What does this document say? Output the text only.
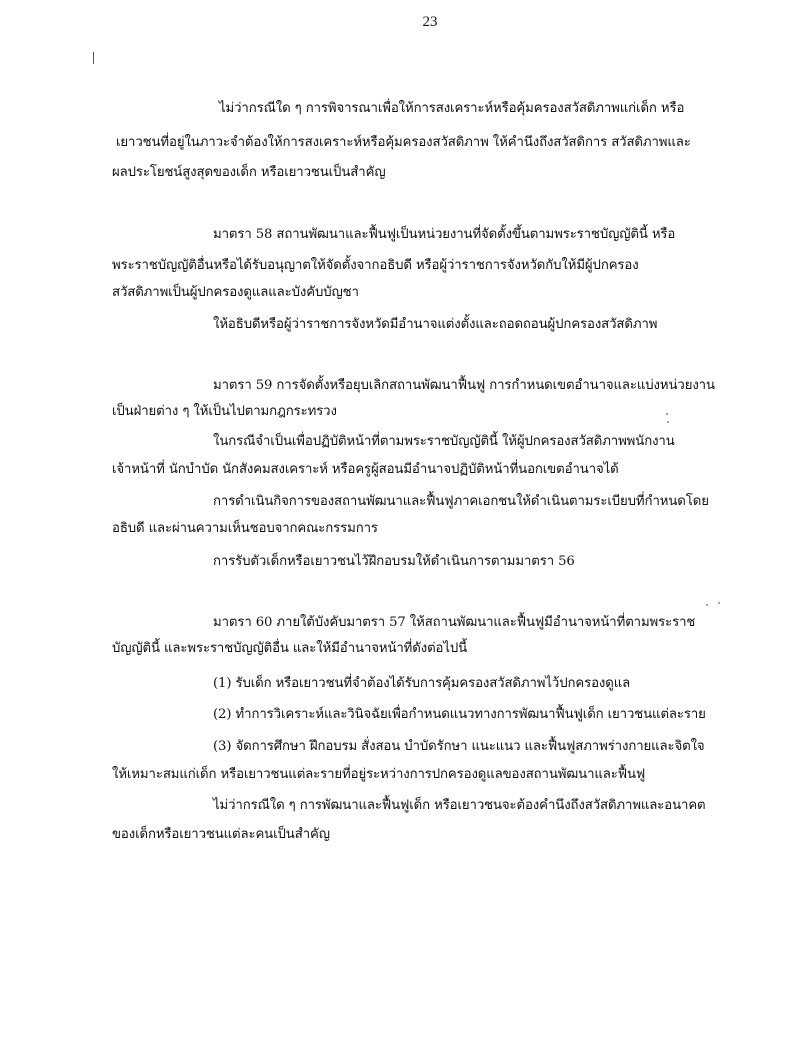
23
ไม่ว่ากรณีใด ๆ การพิจารณาเพื่อให้การสงเคราะห์หรือคุ้มครองสวัสดิภาพแก่เด็ก หรือ
เยาวชนที่อยู่ในภาวะจำต้องให้การสงเคราะห์หรือคุ้มครองสวัสดิภาพ ให้คำนึงถึงสวัสดิการ สวัสดิภาพและ
ผลประโยชน์สูงสุดของเด็ก หรือเยาวชนเป็นสำคัญ
มาตรา 58 สถานพัฒนาและฟื้นฟูเป็นหน่วยงานที่จัดตั้งขึ้นตามพระราชบัญญัตินี้ หรือ
พระราชบัญญัติอื่นหรือได้รับอนุญาตให้จัดตั้งจากอธิบดี หรือผู้ว่าราชการจังหวัดกับให้มีผู้ปกครอง
สวัสดิภาพเป็นผู้ปกครองดูแลและบังคับบัญชา
ให้อธิบดีหรือผู้ว่าราชการจังหวัดมีอำนาจแต่งตั้งและถอดถอนผู้ปกครองสวัสดิภาพ
มาตรา 59 การจัดตั้งหรือยุบเลิกสถานพัฒนาฟื้นฟู การกำหนดเขตอำนาจและแบ่งหน่วยงาน
เป็นฝ่ายต่าง ๆ ให้เป็นไปตามกฎกระทรวง
ในกรณีจำเป็นเพื่อปฏิบัติหน้าที่ตามพระราชบัญญัตินี้ ให้ผู้ปกครองสวัสดิภาพพนักงาน
เจ้าหน้าที่ นักบำบัด นักสังคมสงเคราะห์ หรือครูผู้สอนมีอำนาจปฏิบัติหน้าที่นอกเขตอำนาจได้
การดำเนินกิจการของสถานพัฒนาและฟื้นฟูภาคเอกชนให้ดำเนินตามระเบียบที่กำหนดโดย
อธิบดี และผ่านความเห็นชอบจากคณะกรรมการ
การรับตัวเด็กหรือเยาวชนไว้ฝึกอบรมให้ดำเนินการตามมาตรา 56
มาตรา 60 ภายใต้บังคับมาตรา 57 ให้สถานพัฒนาและฟื้นฟูมีอำนาจหน้าที่ตามพระราช
บัญญัตินี้ และพระราชบัญญัติอื่น และให้มีอำนาจหน้าที่ดังต่อไปนี้
(1) รับเด็ก หรือเยาวชนที่จำต้องได้รับการคุ้มครองสวัสดิภาพไว้ปกครองดูแล
(2) ทำการวิเคราะห์และวินิจฉัยเพื่อกำหนดแนวทางการพัฒนาฟื้นฟูเด็ก เยาวชนแต่ละราย
(3) จัดการศึกษา ฝึกอบรม สั่งสอน บำบัดรักษา แนะแนว และฟื้นฟูสภาพร่างกายและจิตใจ
ให้เหมาะสมแก่เด็ก หรือเยาวชนแต่ละรายที่อยู่ระหว่างการปกครองดูแลของสถานพัฒนาและฟื้นฟู
ไม่ว่ากรณีใด ๆ การพัฒนาและฟื้นฟูเด็ก หรือเยาวชนจะต้องคำนึงถึงสวัสดิภาพและอนาคต
ของเด็กหรือเยาวชนแต่ละคนเป็นสำคัญ
